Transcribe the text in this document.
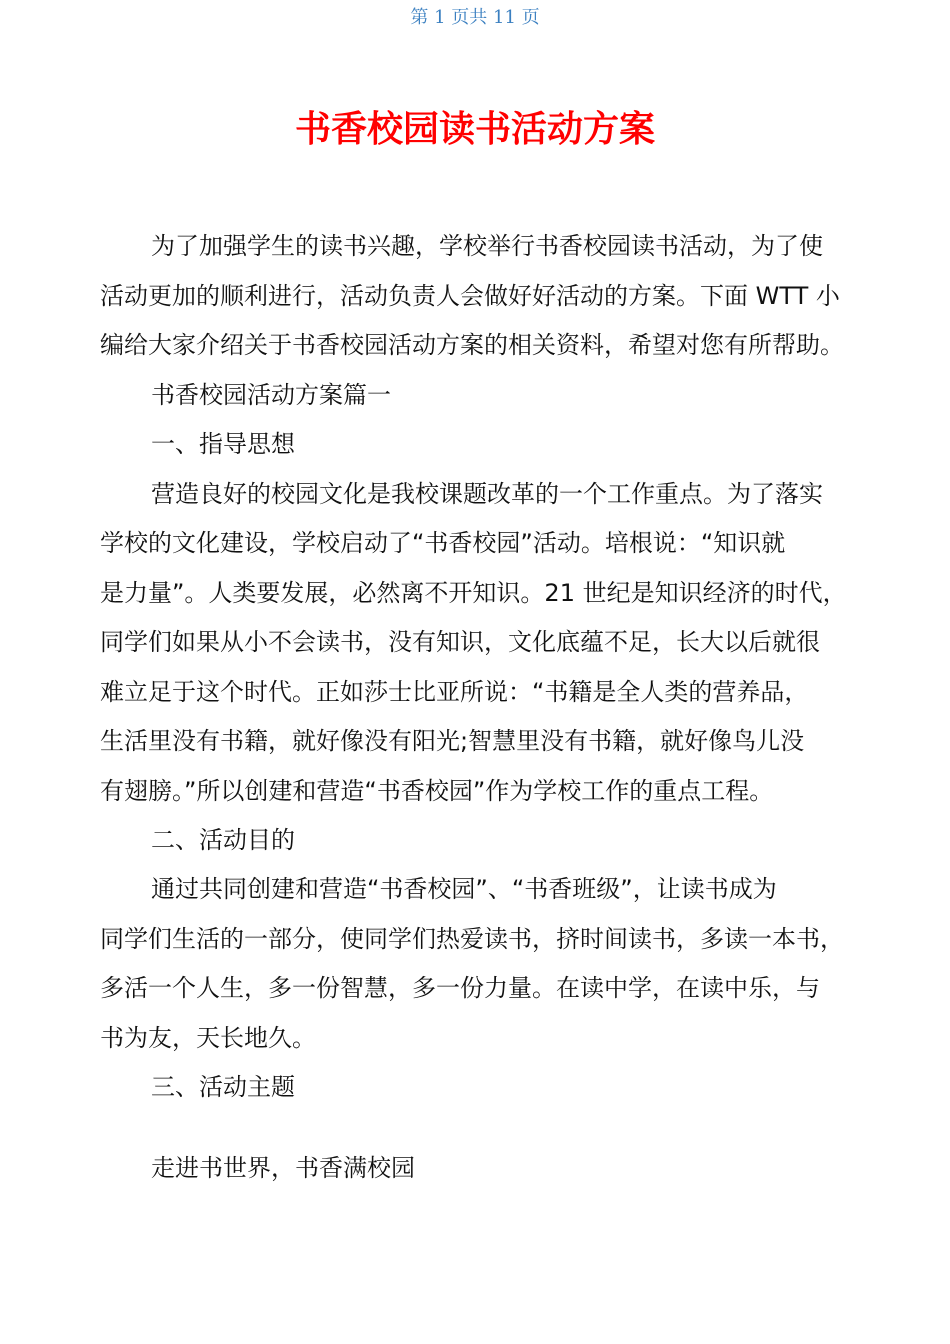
第 1 页共 11 页
书香校园读书活动方案

为了加强学生的读书兴趣，学校举行书香校园读书活动，为了使

活动更加的顺利进行，活动负责人会做好好活动的方案。下面 WTT 小

编给大家介绍关于书香校园活动方案的相关资料，希望对您有所帮助。

书香校园活动方案篇一

一、指导思想

营造良好的校园文化是我校课题改革的一个工作重点。为了落实

学校的文化建设，学校启动了“书香校园”活动。培根说：“知识就

是力量”。人类要发展，必然离不开知识。21 世纪是知识经济的时代，

同学们如果从小不会读书，没有知识，文化底蕴不足，长大以后就很

难立足于这个时代。正如莎士比亚所说：“书籍是全人类的营养品，

生活里没有书籍，就好像没有阳光;智慧里没有书籍，就好像鸟儿没

有翅膀。”所以创建和营造“书香校园”作为学校工作的重点工程。

二、活动目的

通过共同创建和营造“书香校园”、“书香班级”，让读书成为

同学们生活的一部分，使同学们热爱读书，挤时间读书，多读一本书，

多活一个人生，多一份智慧，多一份力量。在读中学，在读中乐，与

书为友，天长地久。

三、活动主题

走进书世界，书香满校园
